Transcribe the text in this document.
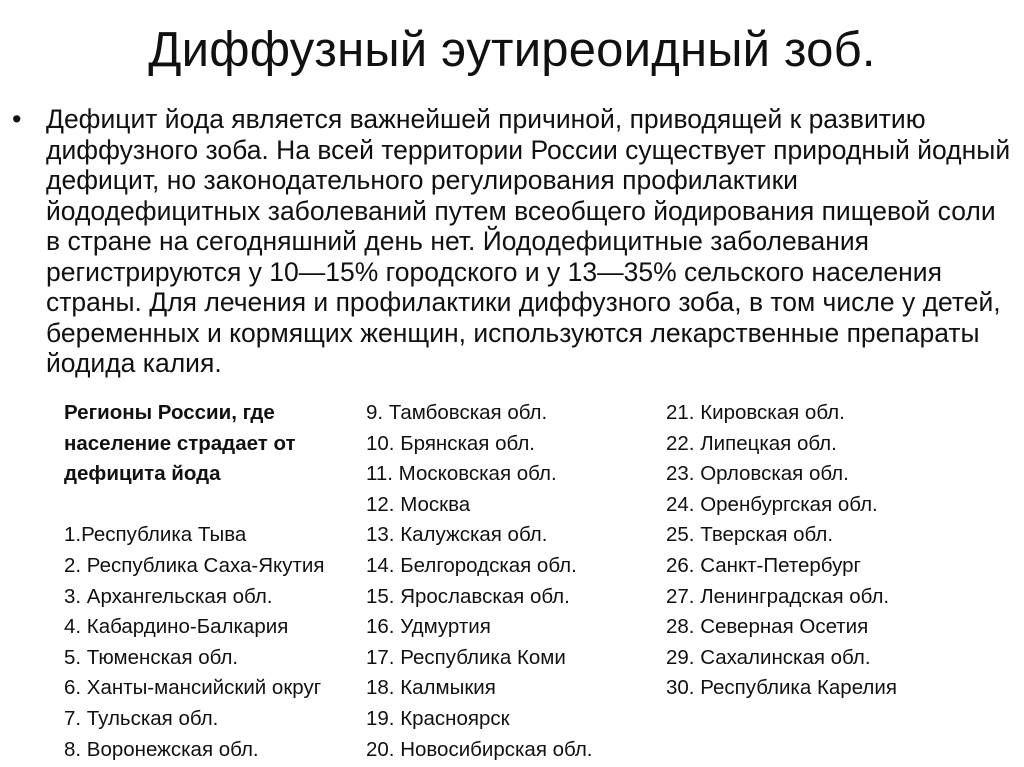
Диффузный эутиреоидный зоб.
• Дефицит йода является важнейшей причиной, приводящей к развитию диффузного зоба. На всей территории России существует природный йодный дефицит, но законодательного регулирования профилактики йододефицитных заболеваний путем всеобщего йодирования пищевой соли в стране на сегодняшний день нет. Йододефицитные заболевания регистрируются у 10—15% городского и у 13—35% сельского населения страны. Для лечения и профилактики диффузного зоба, в том числе у детей, беременных и кормящих женщин, используются лекарственные препараты йодида калия.
Регионы России, где население страдает от дефицита йода
1.Республика Тыва
2. Республика Саха-Якутия
3. Архангельская обл.
4. Кабардино-Балкария
5. Тюменская обл.
6. Ханты-мансийский округ
7. Тульская обл.
8. Воронежская обл.
9. Тамбовская обл.
10. Брянская обл.
11. Московская обл.
12. Москва
13. Калужская обл.
14. Белгородская обл.
15. Ярославская обл.
16. Удмуртия
17. Республика Коми
18. Калмыкия
19. Красноярск
20. Новосибирская обл.
21. Кировская обл.
22. Липецкая обл.
23. Орловская обл.
24. Оренбургская обл.
25. Тверская обл.
26. Санкт-Петербург
27. Ленинградская обл.
28. Северная Осетия
29. Сахалинская обл.
30. Республика Карелия
